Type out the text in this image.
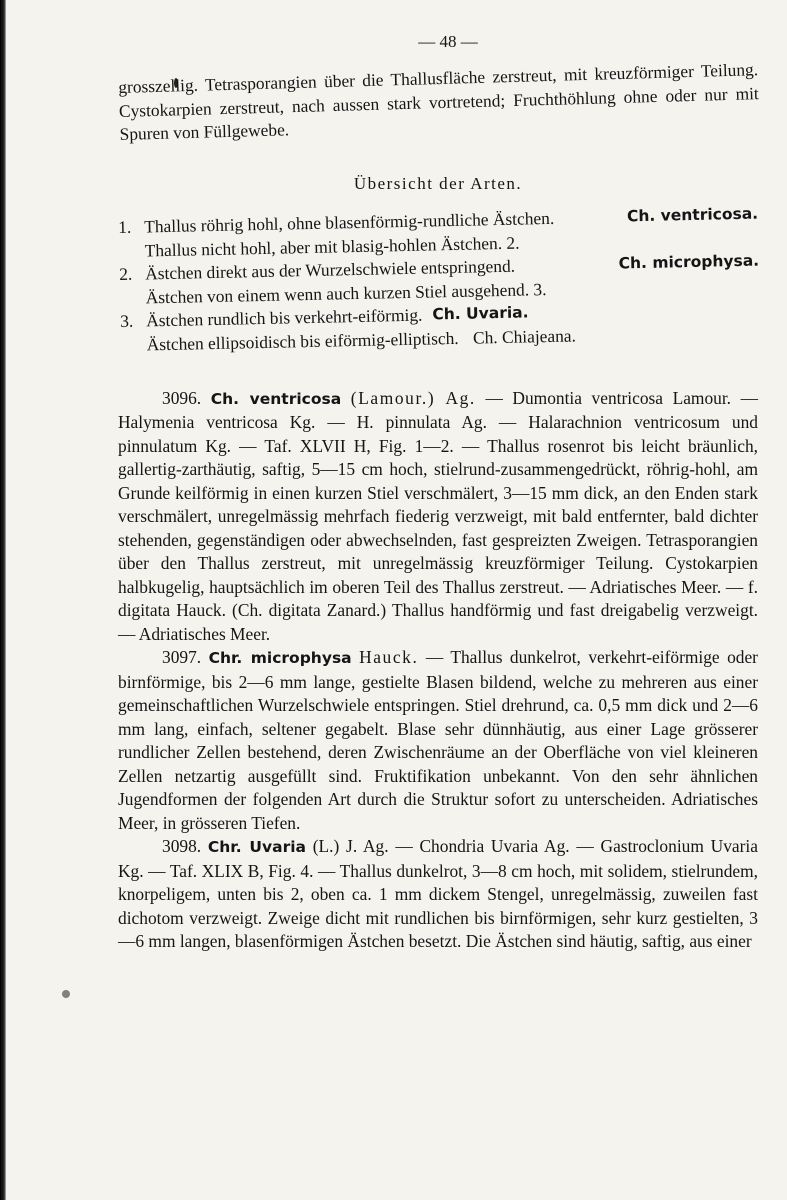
— 48 —

grosszellig. Tetrasporangien über die Thallusfläche zerstreut, mit kreuzförmiger Teilung. Cystokarpien zerstreut, nach aussen stark vortretend; Fruchthöhlung ohne oder nur mit Spuren von Füllgewebe.

Übersicht der Arten.
1. Thallus röhrig hohl, ohne blasenförmig-rundliche Ästchen.	Ch. ventricosa.
Thallus nicht hohl, aber mit blasig-hohlen Ästchen. 2.
2. Ästchen direkt aus der Wurzelschwiele entspringend.	Ch. microphysa.
Ästchen von einem wenn auch kurzen Stiel ausgehend. 3.
3. Ästchen rundlich bis verkehrt-eiförmig. Ch. Uvaria.
Ästchen ellipsoidisch bis eiförmig-elliptisch. Ch. Chiajeana.

3096. Ch. ventricosa (Lamour.) Ag. — Dumontia ventricosa Lamour. — Halymenia ventricosa Kg. — H. pinnulata Ag. — Halarachnion ventricosum und pinnulatum Kg. — Taf. XLVII H, Fig. 1—2. — Thallus rosenrot bis leicht bräunlich, gallertig-zarthäutig, saftig, 5—15 cm hoch, stielrund-zusammengedrückt, röhrig-hohl, am Grunde keilförmig in einen kurzen Stiel verschmälert, 3—15 mm dick, an den Enden stark verschmälert, unregelmässig mehrfach fiederig verzweigt, mit bald entfernter, bald dichter stehenden, gegenständigen oder abwechselnden, fast gespreizten Zweigen. Tetrasporangien über den Thallus zerstreut, mit unregelmässig kreuzförmiger Teilung. Cystokarpien halbkugelig, hauptsächlich im oberen Teil des Thallus zerstreut. — Adriatisches Meer. — f. digitata Hauck. (Ch. digitata Zanard.) Thallus handförmig und fast dreigabelig verzweigt. — Adriatisches Meer.

3097. Chr. microphysa Hauck. — Thallus dunkelrot, verkehrt-eiförmige oder birnförmige, bis 2—6 mm lange, gestielte Blasen bildend, welche zu mehreren aus einer gemeinschaftlichen Wurzelschwiele entspringen. Stiel drehrund, ca. 0,5 mm dick und 2—6 mm lang, einfach, seltener gegabelt. Blase sehr dünnhäutig, aus einer Lage grösserer rundlicher Zellen bestehend, deren Zwischenräume an der Oberfläche von viel kleineren Zellen netzartig ausgefüllt sind. Fruktifikation unbekannt. Von den sehr ähnlichen Jugendformen der folgenden Art durch die Struktur sofort zu unterscheiden. Adriatisches Meer, in grösseren Tiefen.

3098. Chr. Uvaria (L.) J. Ag. — Chondria Uvaria Ag. — Gastroclonium Uvaria Kg. — Taf. XLIX B, Fig. 4. — Thallus dunkelrot, 3—8 cm hoch, mit solidem, stielrundem, knorpeligem, unten bis 2, oben ca. 1 mm dickem Stengel, unregelmässig, zuweilen fast dichotom verzweigt. Zweige dicht mit rundlichen bis birnförmigen, sehr kurz gestielten, 3—6 mm langen, blasenförmigen Ästchen besetzt. Die Ästchen sind häutig, saftig, aus einer
